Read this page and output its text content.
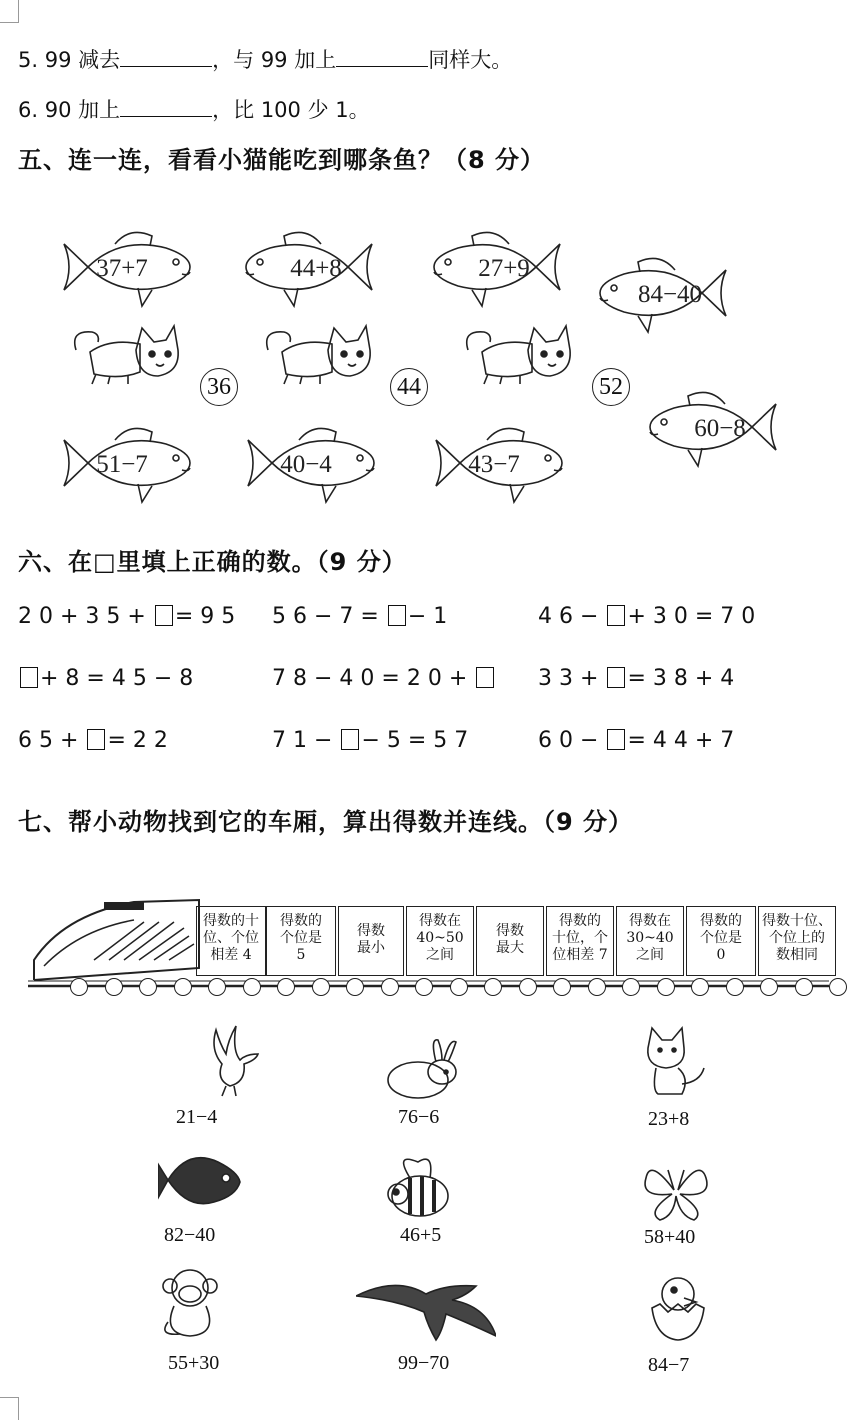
5. 99 减去	，与 99 加上	同样大。
6. 90 加上	，比 100 少 1。
五、连一连，看看小猫能吃到哪条鱼？（8 分）
37+7	44+8	27+9
84−40
51−7	40−4	43−7
60−8
36	44	52
六、在□里填上正确的数。（9 分）
20+35+ =95 56−7= −1	46− +30=70
+8=45−8	78−40=20+	33+ =38+4
65+ =22	71− −5=57	60− =44+7
七、帮小动物找到它的车厢，算出得数并连线。（9 分）
得数的十
位、个位
相差 4
得数的
个位是
5
得数
最小
得数在
40~50
之间
得数
最大
得数的
十位，个
位相差 7
得数在
30~40
之间
得数的
个位是
0
得数十位、
个位上的
数相同
21−4	76−6	23+8
82−40	46+5	58+40
55+30	99−70	84−7
